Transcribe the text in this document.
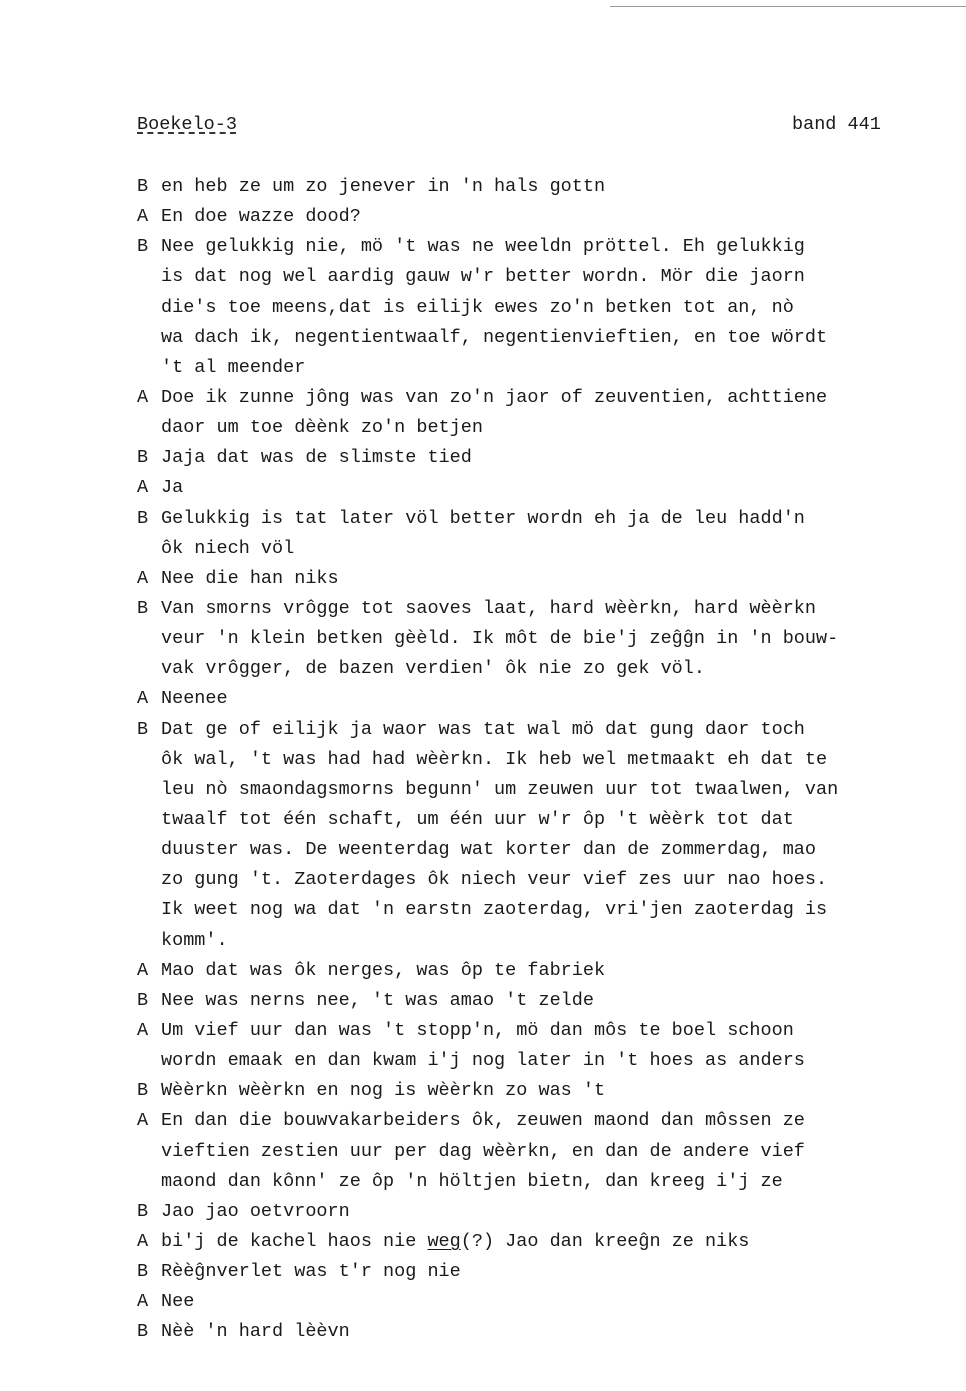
Boekelo-3	band 441
B en heb ze um zo jenever in 'n hals gottn
A En doe wazze dood?
B Nee gelukkig nie, mö 't was ne weeldn pröttel. Eh gelukkig
is dat nog wel aardig gauw w'r better wordn. Mör die jaorn
die's toe meens,dat is eilijk ewes zo'n betken tot an, nò
wa dach ik, negentientwaalf, negentienvieftien, en toe wördt
't al meender
A Doe ik zunne jông was van zo'n jaor of zeuventien, achttiene
daor um toe dèènk zo'n betjen
B Jaja dat was de slimste tied
A Ja
B Gelukkig is tat later völ better wordn eh ja de leu hadd'n
ôk niech völ
A Nee die han niks
B Van smorns vrôgge tot saoves laat, hard wèèrkn, hard wèèrkn
veur 'n klein betken gèèld. Ik môt de bie'j zeĝĝn in 'n bouw-
vak vrôgger, de bazen verdien' ôk nie zo gek völ.
A Neenee
B Dat ge of eilijk ja waor was tat wal mö dat gung daor toch
ôk wal, 't was had had wèèrkn. Ik heb wel metmaakt eh dat te
leu nò smaondagsmorns begunn' um zeuwen uur tot twaalwen, van
twaalf tot één schaft, um één uur w'r ôp 't wèèrk tot dat
duuster was. De weenterdag wat korter dan de zommerdag, mao
zo gung 't. Zaoterdages ôk niech veur vief zes uur nao hoes.
Ik weet nog wa dat 'n earstn zaoterdag, vri'jen zaoterdag is
komm'.
A Mao dat was ôk nerges, was ôp te fabriek
B Nee was nerns nee, 't was amao 't zelde
A Um vief uur dan was 't stopp'n, mö dan môs te boel schoon
wordn emaak en dan kwam i'j nog later in 't hoes as anders
B Wèèrkn wèèrkn en nog is wèèrkn zo was 't
A En dan die bouwvakarbeiders ôk, zeuwen maond dan môssen ze
vieftien zestien uur per dag wèèrkn, en dan de andere vief
maond dan kônn' ze ôp 'n höltjen bietn, dan kreeg i'j ze
B Jao jao oetvroorn
A bi'j de kachel haos nie weg(?) Jao dan kreeĝn ze niks
B Rèèĝnverlet was t'r nog nie
A Nee
B Nèè 'n hard lèèvn
